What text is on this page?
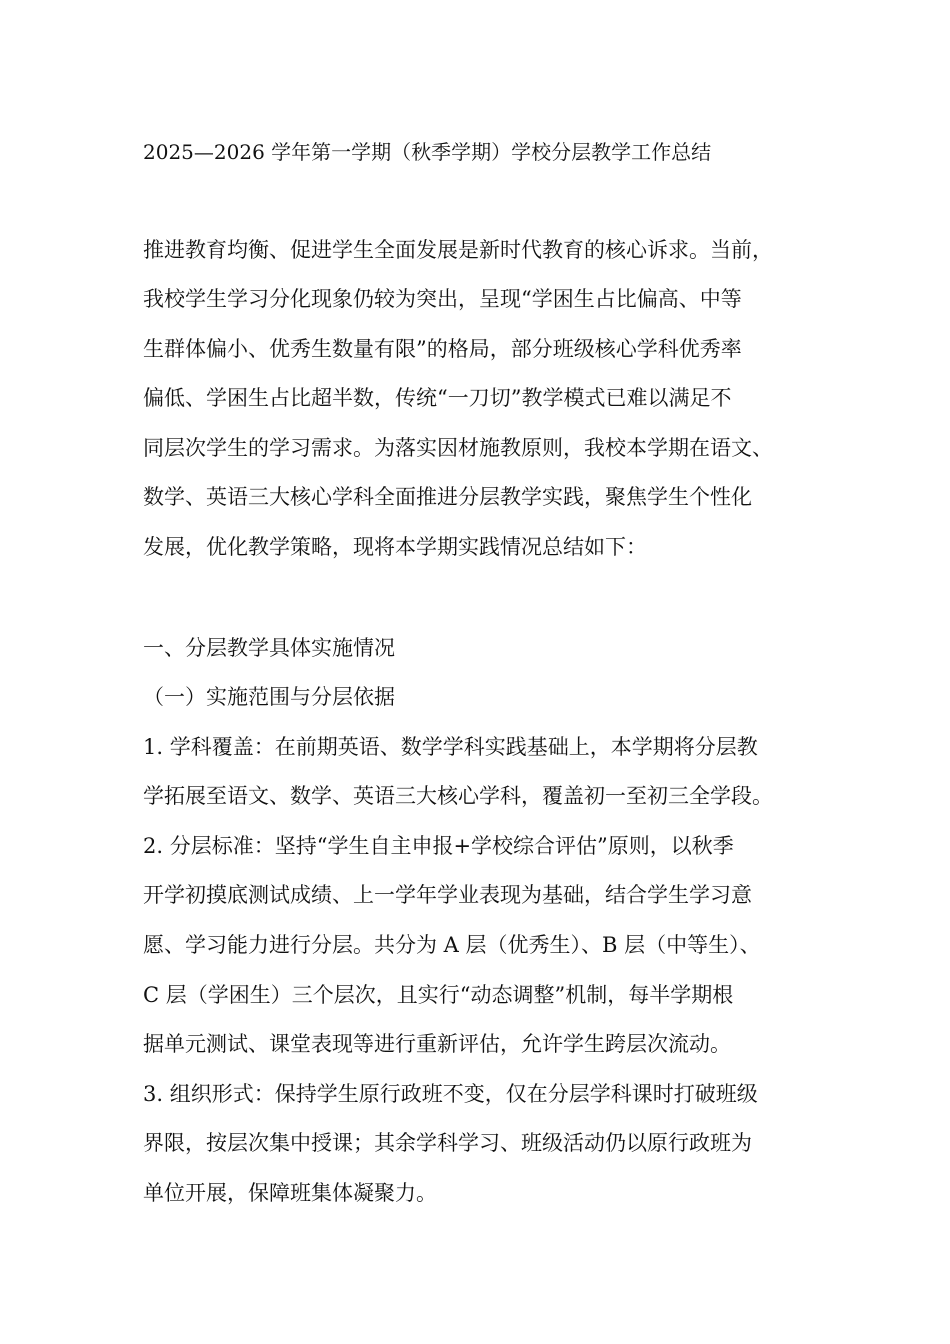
2025—2026 学年第一学期（秋季学期）学校分层教学工作总结
推进教育均衡、促进学生全面发展是新时代教育的核心诉求。当前，
我校学生学习分化现象仍较为突出，呈现“学困生占比偏高、中等
生群体偏小、优秀生数量有限”的格局，部分班级核心学科优秀率
偏低、学困生占比超半数，传统“一刀切”教学模式已难以满足不
同层次学生的学习需求。为落实因材施教原则，我校本学期在语文、
数学、英语三大核心学科全面推进分层教学实践，聚焦学生个性化
发展，优化教学策略，现将本学期实践情况总结如下：
一、分层教学具体实施情况
（一）实施范围与分层依据
1. 学科覆盖：在前期英语、数学学科实践基础上，本学期将分层教
学拓展至语文、数学、英语三大核心学科，覆盖初一至初三全学段。
2. 分层标准：坚持“学生自主申报+学校综合评估”原则，以秋季
开学初摸底测试成绩、上一学年学业表现为基础，结合学生学习意
愿、学习能力进行分层。共分为 A 层（优秀生）、B 层（中等生）、
C 层（学困生）三个层次，且实行“动态调整”机制，每半学期根
据单元测试、课堂表现等进行重新评估，允许学生跨层次流动。
3. 组织形式：保持学生原行政班不变，仅在分层学科课时打破班级
界限，按层次集中授课；其余学科学习、班级活动仍以原行政班为
单位开展，保障班集体凝聚力。
